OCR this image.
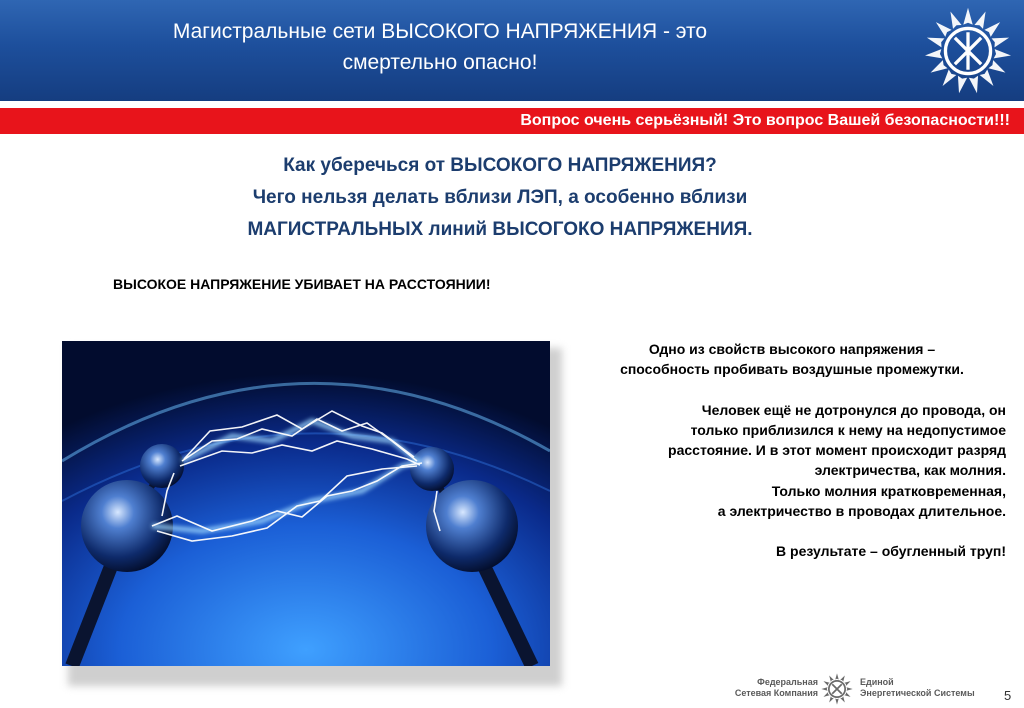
Магистральные сети ВЫСОКОГО НАПРЯЖЕНИЯ - это
смертельно опасно!
Вопрос очень серьёзный! Это вопрос Вашей безопасности!!!
Как уберечься от ВЫСОКОГО НАПРЯЖЕНИЯ?
Чего нельзя делать вблизи ЛЭП, а особенно вблизи
МАГИСТРАЛЬНЫХ линий ВЫСОГОКО НАПРЯЖЕНИЯ.
ВЫСОКОЕ НАПРЯЖЕНИЕ УБИВАЕТ НА РАССТОЯНИИ!

Одно из свойств высокого напряжения –

способность пробивать воздушные промежутки.

Человек ещё не дотронулся до провода, он

только приблизился к нему на недопустимое

расстояние. И в этот момент происходит разряд

электричества, как молния.

Только молния кратковременная,

а электричество в проводах длительное.

В результате – обугленный труп!

Федеральная
Сетевая Компания
Единой
Энергетической Системы	5
